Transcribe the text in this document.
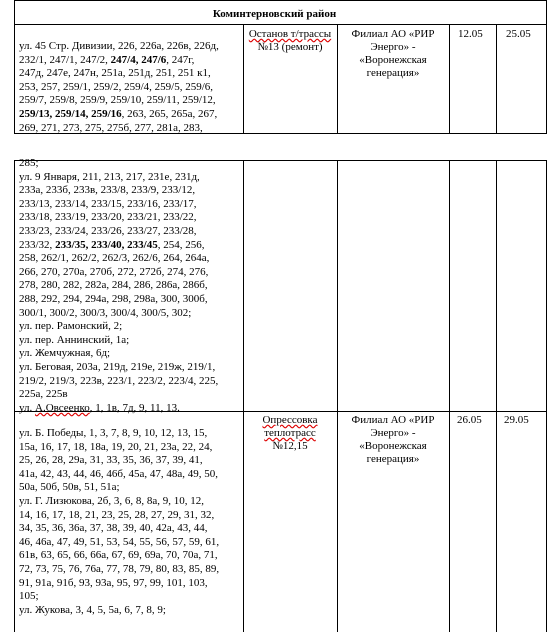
Коминтерновский район
ул. 45 Стр. Дивизии, 226, 226а, 226в, 226д,
232/1, 247/1, 247/2, 247/4, 247/6, 247г,
247д, 247е, 247н, 251а, 251д, 251, 251 к1,
253, 257, 259/1, 259/2, 259/4, 259/5, 259/6,
259/7, 259/8, 259/9, 259/10, 259/11, 259/12,
259/13, 259/14, 259/16, 263, 265, 265а, 267,
269, 271, 273, 275, 275б, 277, 281а, 283,
Останов т/трассы
№13 (ремонт)
Филиал АО «РИР
Энерго» -
«Воронежская
генерация»
12.05 25.05
285;
ул. 9 Января, 211, 213, 217, 231е, 231д,
233а, 233б, 233в, 233/8, 233/9, 233/12,
233/13, 233/14, 233/15, 233/16, 233/17,
233/18, 233/19, 233/20, 233/21, 233/22,
233/23, 233/24, 233/26, 233/27, 233/28,
233/32, 233/35, 233/40, 233/45, 254, 256,
258, 262/1, 262/2, 262/3, 262/6, 264, 264а,
266, 270, 270а, 270б, 272, 272б, 274, 276,
278, 280, 282, 282а, 284, 286, 286а, 286б,
288, 292, 294, 294а, 298, 298а, 300, 300б,
300/1, 300/2, 300/3, 300/4, 300/5, 302;
ул. пер. Рамонский, 2;
ул. пер. Аннинский, 1а;
ул. Жемчужная, 6д;
ул. Беговая, 203а, 219д, 219е, 219ж, 219/1,
219/2, 219/3, 223в, 223/1, 223/2, 223/4, 225,
225а, 225в
ул. А.Овсеенко, 1, 1в, 7д, 9, 11, 13.
ул. Б. Победы, 1, 3, 7, 8, 9, 10, 12, 13, 15,
15а, 16, 17, 18, 18а, 19, 20, 21, 23а, 22, 24,
25, 26, 28, 29а, 31, 33, 35, 36, 37, 39, 41,
41а, 42, 43, 44, 46, 46б, 45а, 47, 48а, 49, 50,
50а, 50б, 50в, 51, 51а;
ул. Г. Лизюкова, 2б, 3, 6, 8, 8а, 9, 10, 12,
14, 16, 17, 18, 21, 23, 25, 28, 27, 29, 31, 32,
34, 35, 36, 36а, 37, 38, 39, 40, 42а, 43, 44,
46, 46а, 47, 49, 51, 53, 54, 55, 56, 57, 59, 61,
61в, 63, 65, 66, 66а, 67, 69, 69а, 70, 70а, 71,
72, 73, 75, 76, 76а, 77, 78, 79, 80, 83, 85, 89,
91, 91а, 91б, 93, 93а, 95, 97, 99, 101, 103,
105;
ул. Жукова, 3, 4, 5, 5а, 6, 7, 8, 9;
Опрессовка
теплотрасс
№12,15
Филиал АО «РИР
Энерго» -
«Воронежская
генерация»
26.05 29.05
